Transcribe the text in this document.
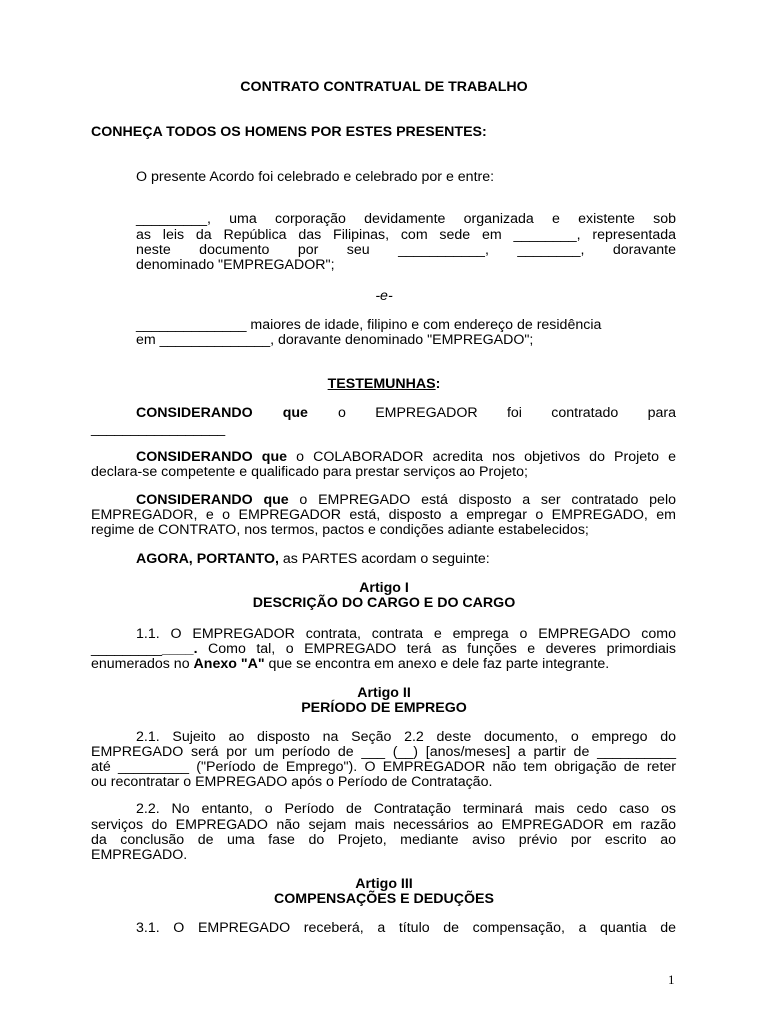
CONTRATO CONTRATUAL DE TRABALHO
CONHEÇA TODOS OS HOMENS POR ESTES PRESENTES:
O presente Acordo foi celebrado e celebrado por e entre:
_________, uma corporação devidamente organizada e existente sob
as leis da República das Filipinas, com sede em ________, representada
neste documento por seu ___________, ________, doravante
denominado "EMPREGADOR";
-e-
______________ maiores de idade, filipino e com endereço de residência
em ______________, doravante denominado "EMPREGADO";
TESTEMUNHAS:
CONSIDERANDO que o EMPREGADOR foi contratado para
_________________
CONSIDERANDO que o COLABORADOR acredita nos objetivos do Projeto e
declara-se competente e qualificado para prestar serviços ao Projeto;
CONSIDERANDO que o EMPREGADO está disposto a ser contratado pelo
EMPREGADOR, e o EMPREGADOR está, disposto a empregar o EMPREGADO, em
regime de CONTRATO, nos termos, pactos e condições adiante estabelecidos;
AGORA, PORTANTO, as PARTES acordam o seguinte:
Artigo I
DESCRIÇÃO DO CARGO E DO CARGO
1.1. O EMPREGADOR contrata, contrata e emprega o EMPREGADO como
_____________. Como tal, o EMPREGADO terá as funções e deveres primordiais
enumerados no Anexo "A" que se encontra em anexo e dele faz parte integrante.
Artigo II
PERÍODO DE EMPREGO
2.1. Sujeito ao disposto na Seção 2.2 deste documento, o emprego do
EMPREGADO será por um período de ___ (__) [anos/meses] a partir de __________
até _________ ("Período de Emprego"). O EMPREGADOR não tem obrigação de reter
ou recontratar o EMPREGADO após o Período de Contratação.
2.2. No entanto, o Período de Contratação terminará mais cedo caso os
serviços do EMPREGADO não sejam mais necessários ao EMPREGADOR em razão
da conclusão de uma fase do Projeto, mediante aviso prévio por escrito ao
EMPREGADO.
Artigo III
COMPENSAÇÕES E DEDUÇÕES
3.1. O EMPREGADO receberá, a título de compensação, a quantia de
1
